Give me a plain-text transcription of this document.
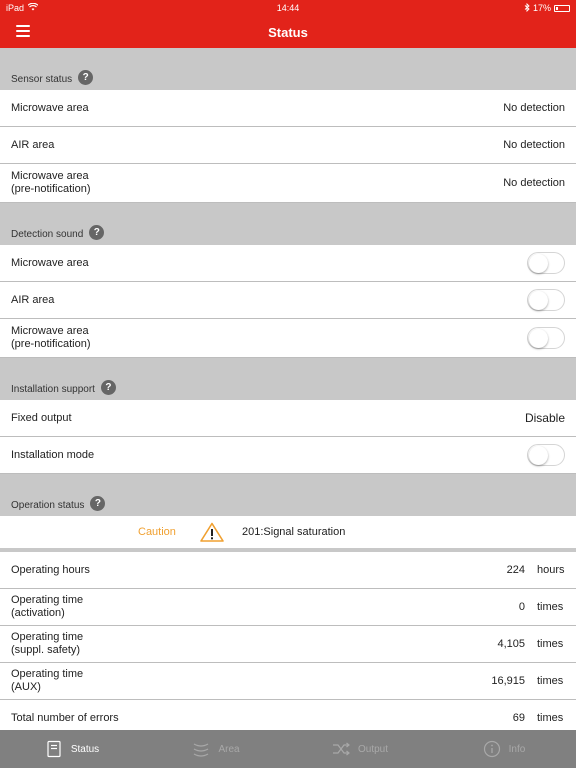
iPad	14:44	17%
Status
Sensor status	?
Microwave area	No detection
AIR area	No detection
Microwave area
(pre-notification)	No detection
Detection sound	?
Microwave area
AIR area
Microwave area
(pre-notification)
Installation support	?
Fixed output	Disable
Installation mode
Operation status	?
Caution	201:Signal saturation
Operating hours	224 hours
Operating time
(activation)	0 times
Operating time
(suppl. safety)	4,105 times
Operating time
(AUX)	16,915 times
Total number of errors	69 times
Status	Area	Output	Info
